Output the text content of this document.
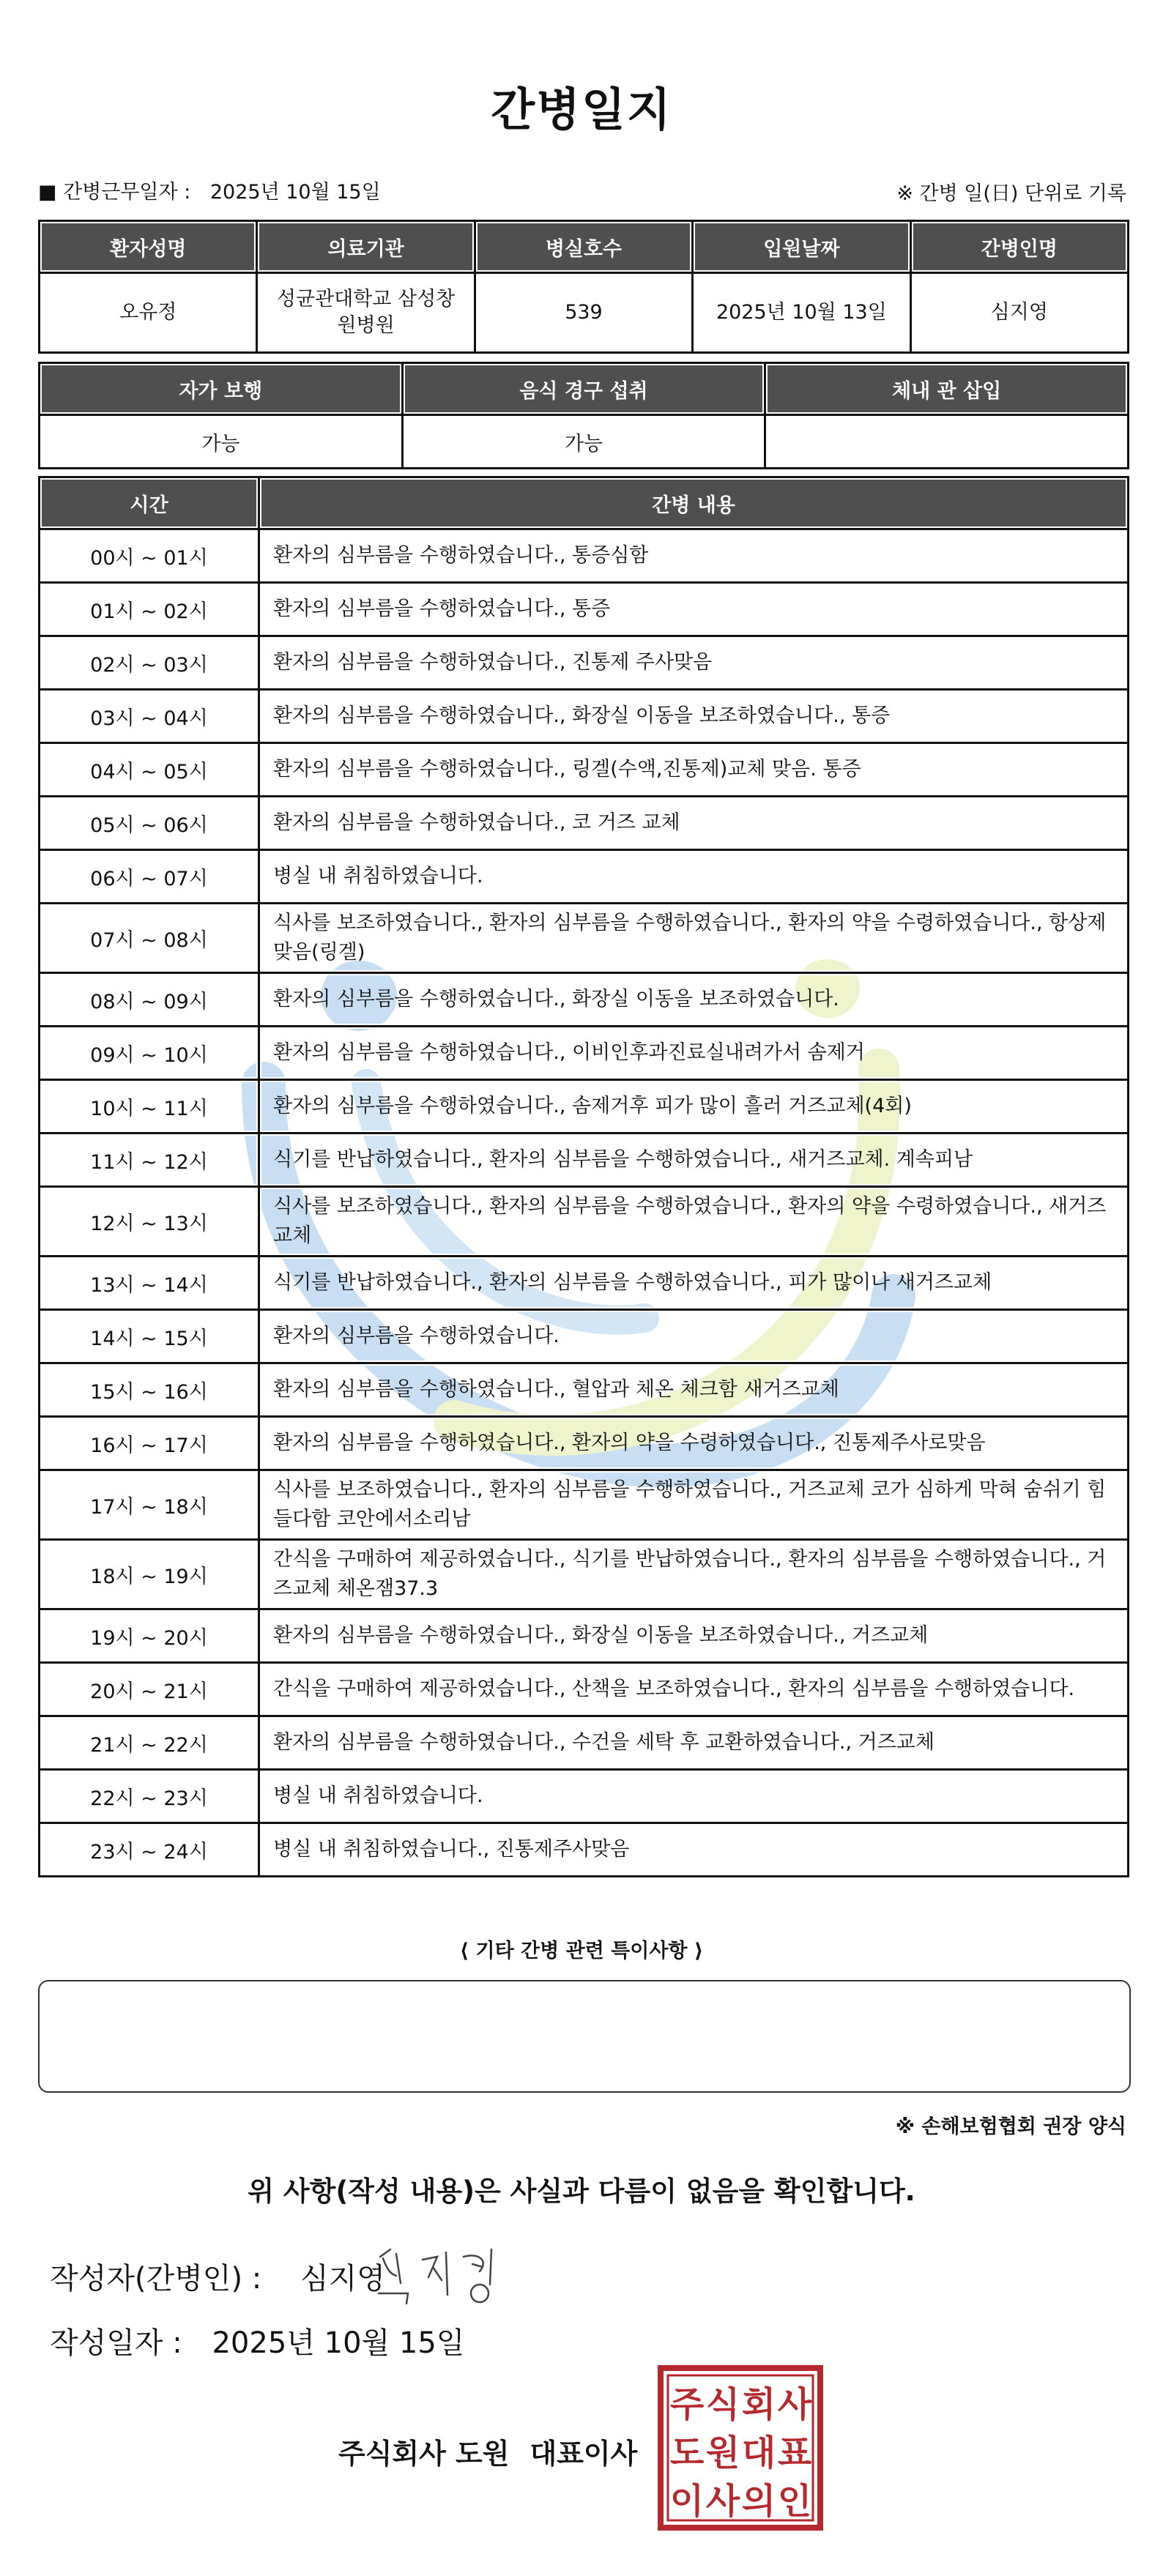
간병일지
■ 간병근무일자 : 2025년 10월 15일	※ 간병 일(日) 단위로 기록
환자성명	의료기관	병실호수	입원날짜	간병인명
오유정	성균관대학교 삼성창원병원	539	2025년 10월 13일	심지영
자가 보행	음식 경구 섭취	체내 관 삽입
가능	가능	
시간	간병 내용
00시 ~ 01시	환자의 심부름을 수행하였습니다., 통증심함
01시 ~ 02시	환자의 심부름을 수행하였습니다., 통증
02시 ~ 03시	환자의 심부름을 수행하였습니다., 진통제 주사맞음
03시 ~ 04시	환자의 심부름을 수행하였습니다., 화장실 이동을 보조하였습니다., 통증
04시 ~ 05시	환자의 심부름을 수행하였습니다., 링겔(수액,진통제)교체 맞음. 통증
05시 ~ 06시	환자의 심부름을 수행하였습니다., 코 거즈 교체
06시 ~ 07시	병실 내 취침하였습니다.
07시 ~ 08시	식사를 보조하였습니다., 환자의 심부름을 수행하였습니다., 환자의 약을 수령하였습니다., 항상제 맞음(링겔)
08시 ~ 09시	환자의 심부름을 수행하였습니다., 화장실 이동을 보조하였습니다.
09시 ~ 10시	환자의 심부름을 수행하였습니다., 이비인후과진료실내려가서 솜제거
10시 ~ 11시	환자의 심부름을 수행하였습니다., 솜제거후 피가 많이 흘러 거즈교체(4회)
11시 ~ 12시	식기를 반납하였습니다., 환자의 심부름을 수행하였습니다., 새거즈교체. 계속피남
12시 ~ 13시	식사를 보조하였습니다., 환자의 심부름을 수행하였습니다., 환자의 약을 수령하였습니다., 새거즈교체
13시 ~ 14시	식기를 반납하였습니다., 환자의 심부름을 수행하였습니다., 피가 많이나 새거즈교체
14시 ~ 15시	환자의 심부름을 수행하였습니다.
15시 ~ 16시	환자의 심부름을 수행하였습니다., 혈압과 체온 체크함 새거즈교체
16시 ~ 17시	환자의 심부름을 수행하였습니다., 환자의 약을 수령하였습니다., 진통제주사로맞음
17시 ~ 18시	식사를 보조하였습니다., 환자의 심부름을 수행하였습니다., 거즈교체 코가 심하게 막혀 숨쉬기 힘들다함 코안에서소리남
18시 ~ 19시	간식을 구매하여 제공하였습니다., 식기를 반납하였습니다., 환자의 심부름을 수행하였습니다., 거즈교체 체온잼37.3
19시 ~ 20시	환자의 심부름을 수행하였습니다., 화장실 이동을 보조하였습니다., 거즈교체
20시 ~ 21시	간식을 구매하여 제공하였습니다., 산책을 보조하였습니다., 환자의 심부름을 수행하였습니다.
21시 ~ 22시	환자의 심부름을 수행하였습니다., 수건을 세탁 후 교환하였습니다., 거즈교체
22시 ~ 23시	병실 내 취침하였습니다.
23시 ~ 24시	병실 내 취침하였습니다., 진통제주사맞음
⟨ 기타 간병 관련 특이사항 ⟩
※ 손해보험협회 권장 양식
위 사항(작성 내용)은 사실과 다름이 없음을 확인합니다.
작성자(간병인) : 심지영
작성일자 : 2025년 10월 15일
주식회사 도원 대표이사
주 식 회 사
도 원 대 표
이 사 의 인
